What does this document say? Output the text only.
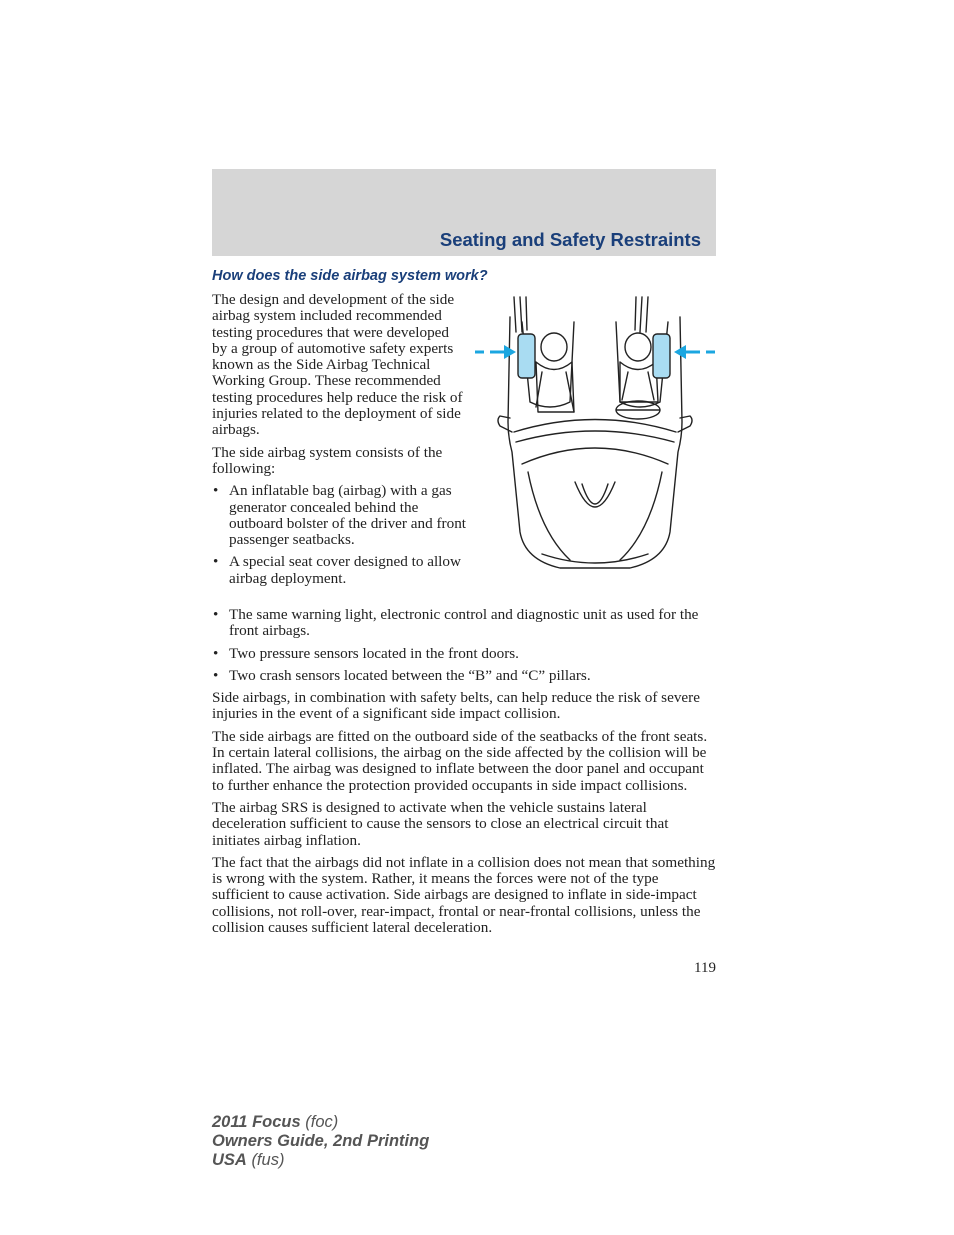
Seating and Safety Restraints
How does the side airbag system work?

The design and development of the side airbag system included recommended testing procedures that were developed by a group of automotive safety experts known as the Side Airbag Technical Working Group. These recommended testing procedures help reduce the risk of injuries related to the deployment of side airbags.

The side airbag system consists of the following:

• An inflatable bag (airbag) with a gas generator concealed behind the outboard bolster of the driver and front passenger seatbacks.
• A special seat cover designed to allow airbag deployment.
• The same warning light, electronic control and diagnostic unit as used for the front airbags.
• Two pressure sensors located in the front doors.
• Two crash sensors located between the “B” and “C” pillars.

Side airbags, in combination with safety belts, can help reduce the risk of severe injuries in the event of a significant side impact collision.

The side airbags are fitted on the outboard side of the seatbacks of the front seats. In certain lateral collisions, the airbag on the side affected by the collision will be inflated. The airbag was designed to inflate between the door panel and occupant to further enhance the protection provided occupants in side impact collisions.

The airbag SRS is designed to activate when the vehicle sustains lateral deceleration sufficient to cause the sensors to close an electrical circuit that initiates airbag inflation.

The fact that the airbags did not inflate in a collision does not mean that something is wrong with the system. Rather, it means the forces were not of the type sufficient to cause activation. Side airbags are designed to inflate in side-impact collisions, not roll-over, rear-impact, frontal or near-frontal collisions, unless the collision causes sufficient lateral deceleration.

119
2011 Focus (foc)
Owners Guide, 2nd Printing
USA (fus)
